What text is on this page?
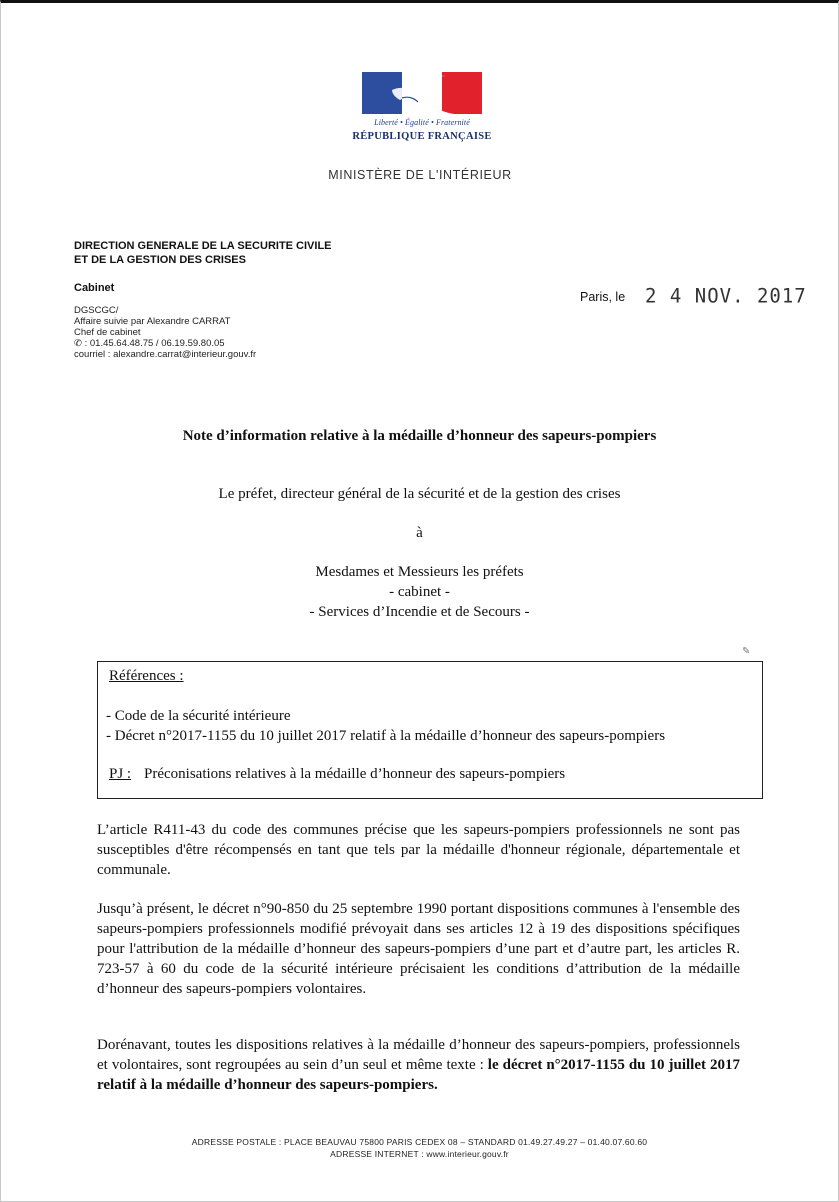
Liberté • Égalité • Fraternité
RÉPUBLIQUE FRANÇAISE
MINISTÈRE DE L'INTÉRIEUR
DIRECTION GENERALE DE LA SECURITE CIVILE
ET DE LA GESTION DES CRISES
Cabinet
DGSCGC/
Affaire suivie par Alexandre CARRAT
Chef de cabinet
✆ : 01.45.64.48.75 / 06.19.59.80.05
courriel : alexandre.carrat@interieur.gouv.fr
Paris, le 2 4 NOV. 2017
Note d’information relative à la médaille d’honneur des sapeurs-pompiers
Le préfet, directeur général de la sécurité et de la gestion des crises
à
Mesdames et Messieurs les préfets
- cabinet -
- Services d’Incendie et de Secours -
✎
Références :
- Code de la sécurité intérieure
- Décret n°2017-1155 du 10 juillet 2017 relatif à la médaille d’honneur des sapeurs-pompiers
PJ : Préconisations relatives à la médaille d’honneur des sapeurs-pompiers

L’article R411-43 du code des communes précise que les sapeurs-pompiers professionnels ne sont pas susceptibles d'être récompensés en tant que tels par la médaille d'honneur régionale, départementale et communale.

Jusqu’à présent, le décret n°90-850 du 25 septembre 1990 portant dispositions communes à l'ensemble des sapeurs-pompiers professionnels modifié prévoyait dans ses articles 12 à 19 des dispositions spécifiques pour l'attribution de la médaille d’honneur des sapeurs-pompiers d’une part et d’autre part, les articles R. 723-57 à 60 du code de la sécurité intérieure précisaient les conditions d’attribution de la médaille d’honneur des sapeurs-pompiers volontaires.

Dorénavant, toutes les dispositions relatives à la médaille d’honneur des sapeurs-pompiers, professionnels et volontaires, sont regroupées au sein d’un seul et même texte : le décret n°2017-1155 du 10 juillet 2017 relatif à la médaille d’honneur des sapeurs-pompiers.

ADRESSE POSTALE : PLACE BEAUVAU 75800 PARIS CEDEX 08 – STANDARD 01.49.27.49.27 – 01.40.07.60.60
ADRESSE INTERNET : www.interieur.gouv.fr
